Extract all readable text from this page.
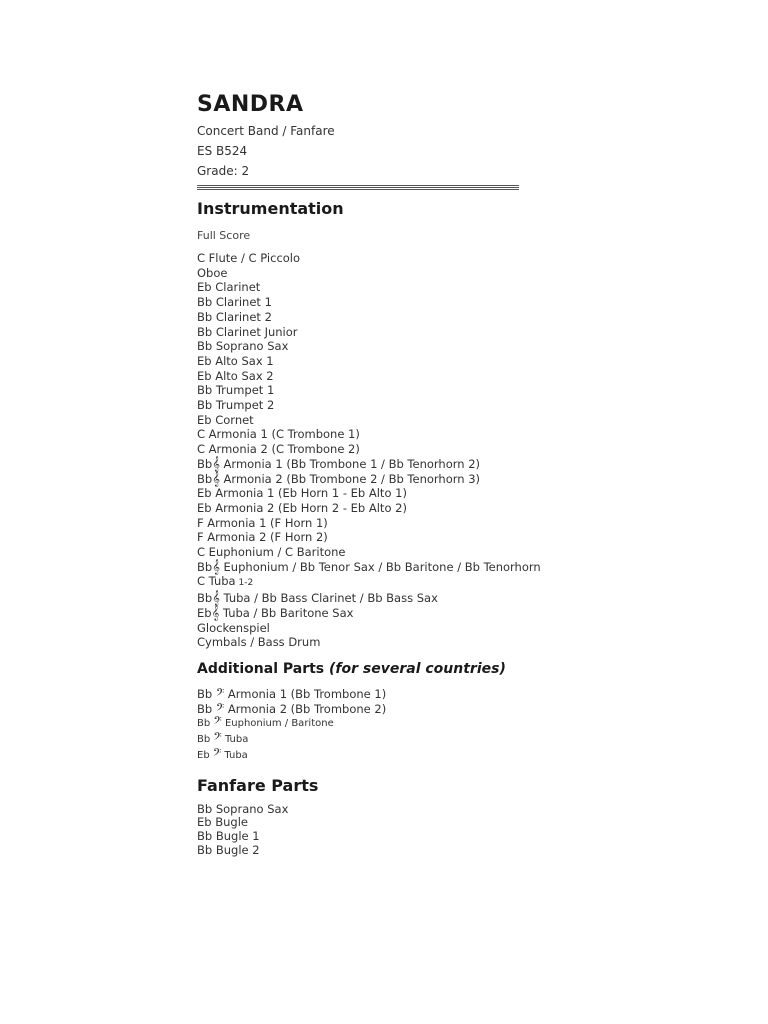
SANDRA
Concert Band / Fanfare
ES B524
Grade: 2
Instrumentation
Full Score
C Flute / C Piccolo
Oboe
Eb Clarinet
Bb Clarinet 1
Bb Clarinet 2
Bb Clarinet Junior
Bb Soprano Sax
Eb Alto Sax 1
Eb Alto Sax 2
Bb Trumpet 1
Bb Trumpet 2
Eb Cornet
C Armonia 1 (C Trombone 1)
C Armonia 2 (C Trombone 2)
Bb𝄞 Armonia 1 (Bb Trombone 1 / Bb Tenorhorn 2)
Bb𝄞 Armonia 2 (Bb Trombone 2 / Bb Tenorhorn 3)
Eb Armonia 1 (Eb Horn 1 - Eb Alto 1)
Eb Armonia 2 (Eb Horn 2 - Eb Alto 2)
F Armonia 1 (F Horn 1)
F Armonia 2 (F Horn 2)
C Euphonium / C Baritone
Bb𝄞 Euphonium / Bb Tenor Sax / Bb Baritone / Bb Tenorhorn
C Tuba 1-2
Bb𝄞 Tuba / Bb Bass Clarinet / Bb Bass Sax
Eb𝄞 Tuba / Bb Baritone Sax
Glockenspiel
Cymbals / Bass Drum
Additional Parts (for several countries)
Bb 𝄢 Armonia 1 (Bb Trombone 1)
Bb 𝄢 Armonia 2 (Bb Trombone 2)
Bb 𝄢 Euphonium / Baritone
Bb 𝄢 Tuba
Eb 𝄢 Tuba
Fanfare Parts
Bb Soprano Sax
Eb Bugle
Bb Bugle 1
Bb Bugle 2
